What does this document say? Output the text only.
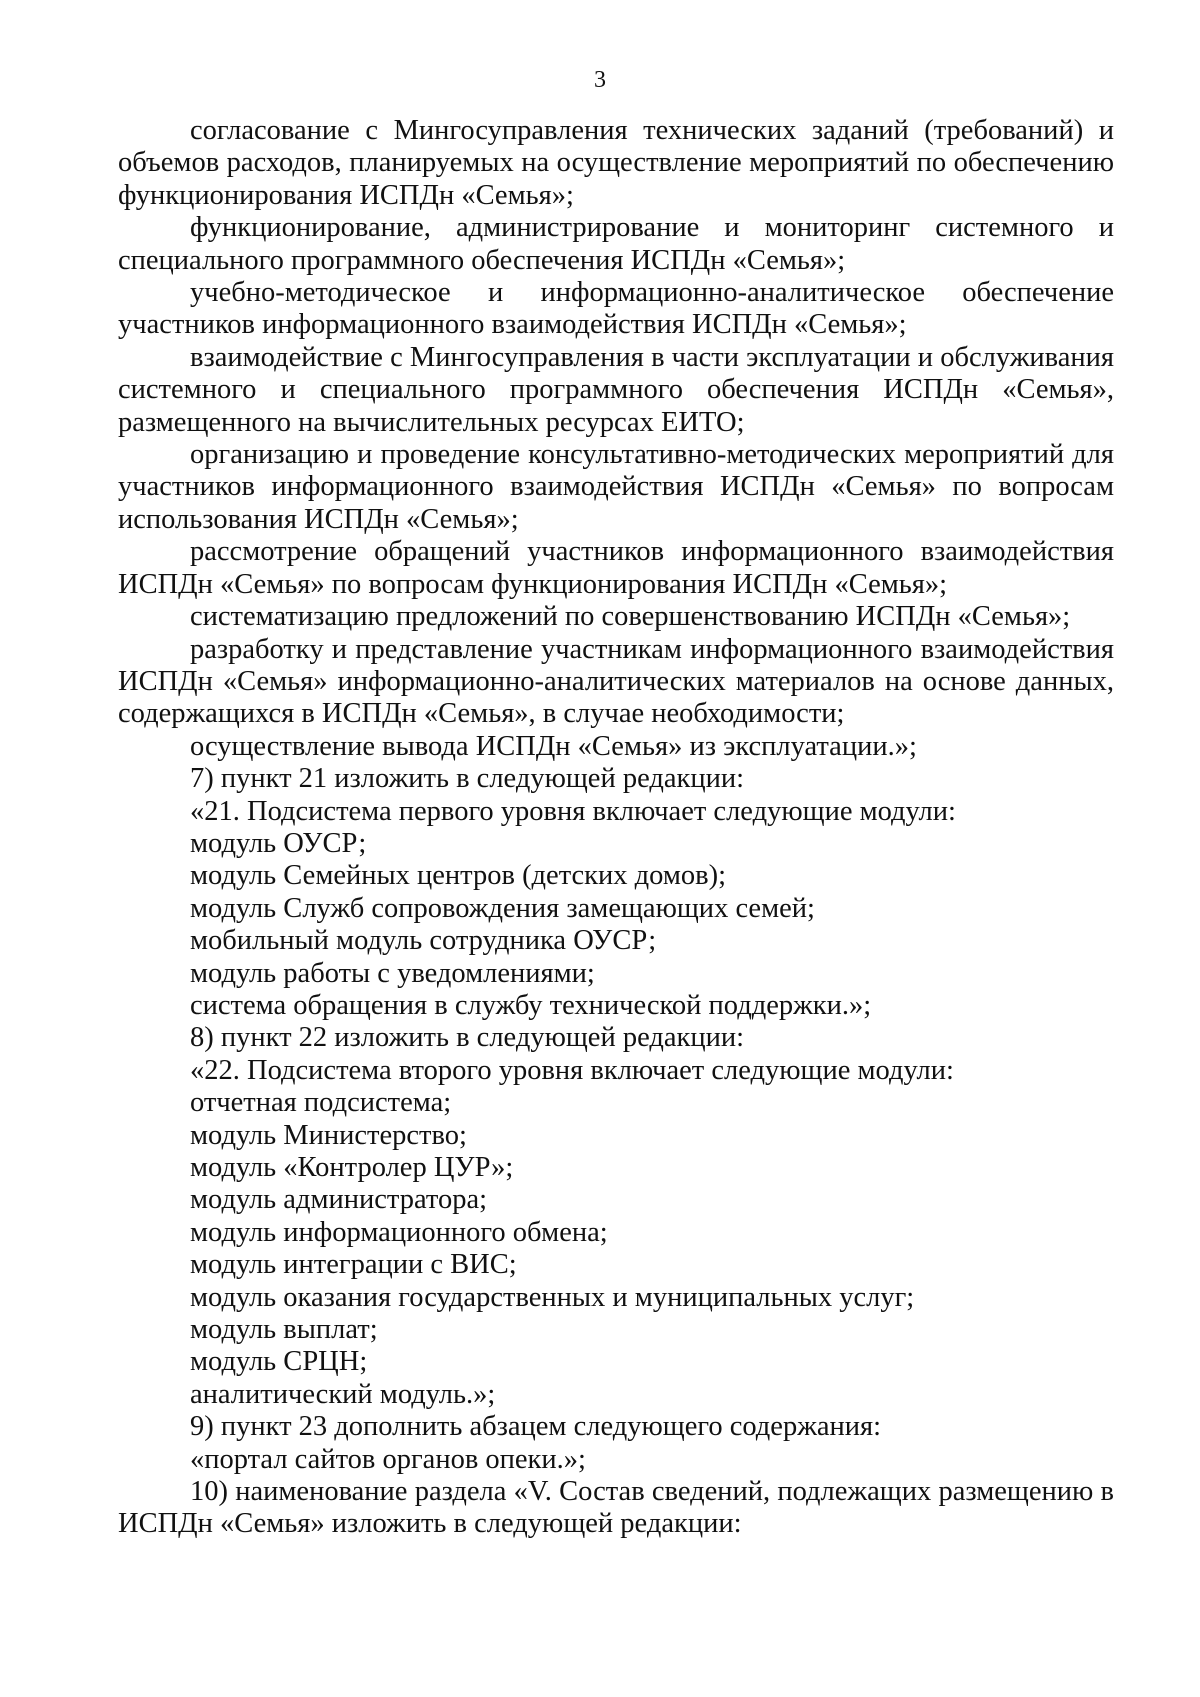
3

согласование с Мингосуправления технических заданий (требований) и объемов расходов, планируемых на осуществление мероприятий по обеспечению функционирования ИСПДн «Семья»;

функционирование, администрирование и мониторинг системного и специального программного обеспечения ИСПДн «Семья»;

учебно-методическое и информационно-аналитическое обеспечение участников информационного взаимодействия ИСПДн «Семья»;

взаимодействие с Мингосуправления в части эксплуатации и обслуживания системного и специального программного обеспечения ИСПДн «Семья», размещенного на вычислительных ресурсах ЕИТО;

организацию и проведение консультативно-методических мероприятий для участников информационного взаимодействия ИСПДн «Семья» по вопросам использования ИСПДн «Семья»;

рассмотрение обращений участников информационного взаимодействия ИСПДн «Семья» по вопросам функционирования ИСПДн «Семья»;

систематизацию предложений по совершенствованию ИСПДн «Семья»;

разработку и представление участникам информационного взаимодействия ИСПДн «Семья» информационно-аналитических материалов на основе данных, содержащихся в ИСПДн «Семья», в случае необходимости;

осуществление вывода ИСПДн «Семья» из эксплуатации.»;

7) пункт 21 изложить в следующей редакции:

«21. Подсистема первого уровня включает следующие модули:

модуль ОУСР;

модуль Семейных центров (детских домов);

модуль Служб сопровождения замещающих семей;

мобильный модуль сотрудника ОУСР;

модуль работы с уведомлениями;

система обращения в службу технической поддержки.»;

8) пункт 22 изложить в следующей редакции:

«22. Подсистема второго уровня включает следующие модули:

отчетная подсистема;

модуль Министерство;

модуль «Контролер ЦУР»;

модуль администратора;

модуль информационного обмена;

модуль интеграции с ВИС;

модуль оказания государственных и муниципальных услуг;

модуль выплат;

модуль СРЦН;

аналитический модуль.»;

9) пункт 23 дополнить абзацем следующего содержания:

«портал сайтов органов опеки.»;

10) наименование раздела «V. Состав сведений, подлежащих размещению в ИСПДн «Семья» изложить в следующей редакции:
